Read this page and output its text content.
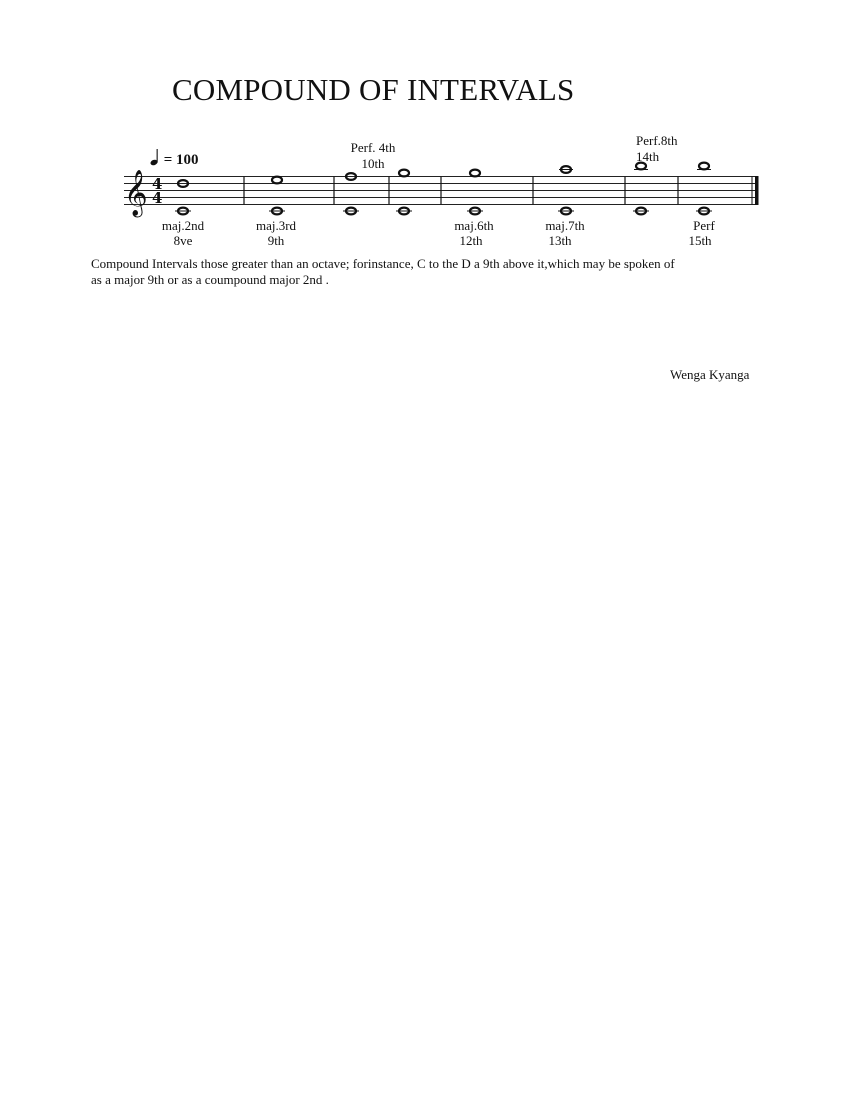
COMPOUND OF INTERVALS
= 100
𝄞 4
4
Perf. 4th
10th
Perf.8th
14th
maj.2nd
8ve
maj.3rd
9th
maj.6th
12th
maj.7th
13th
Perf
15th

Compound Intervals those greater than an octave; forinstance, C to the D a 9th above it,which may be spoken of

as a major 9th or as a coumpound major 2nd .

Wenga Kyanga
